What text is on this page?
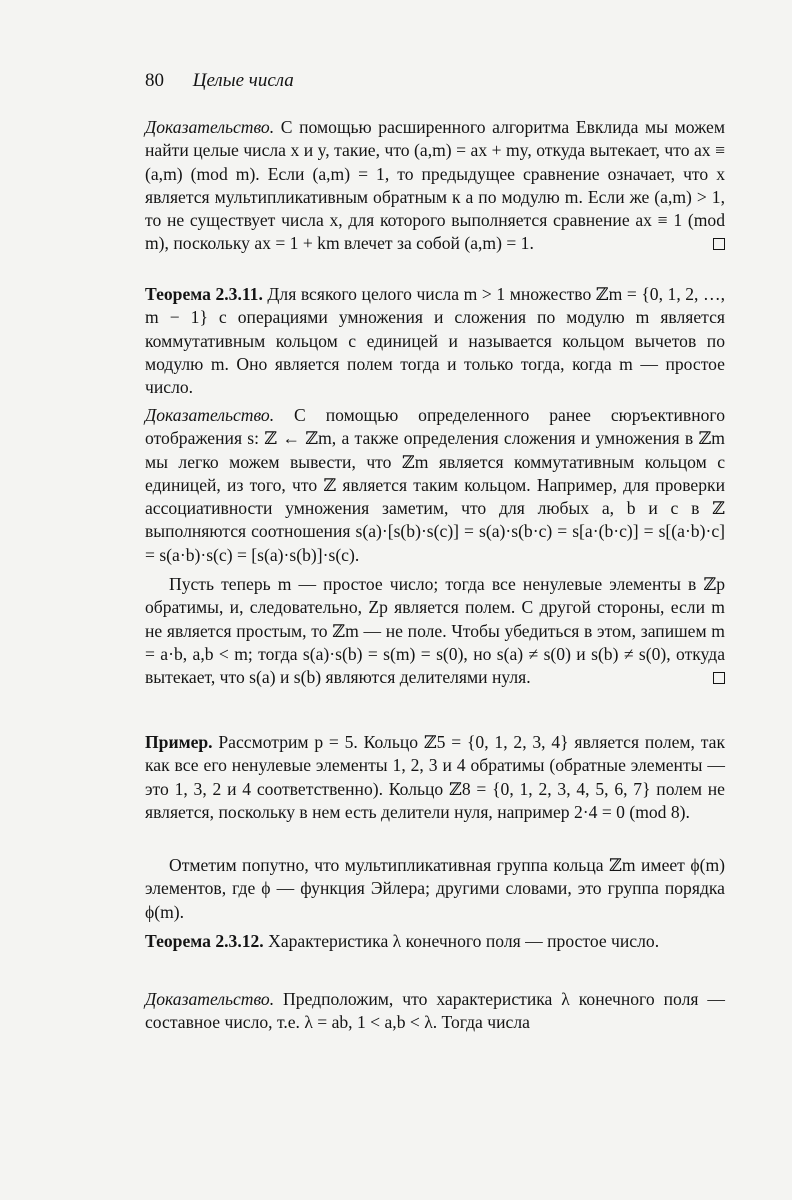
80 Целые числа

Доказательство. С помощью расширенного алгоритма Евклида мы можем найти целые числа x и y, такие, что (a,m) = ax + my, откуда вытекает, что ax ≡ (a,m) (mod m). Если (a,m) = 1, то предыдущее сравнение означает, что x является мультипликативным обратным к a по модулю m. Если же (a,m) > 1, то не существует числа x, для которого выполняется сравнение ax ≡ 1 (mod m), поскольку ax = 1 + km влечет за собой (a,m) = 1.

Теорема 2.3.11. Для всякого целого числа m > 1 множество ℤm = {0, 1, 2, …, m − 1} с операциями умножения и сложения по модулю m является коммутативным кольцом с единицей и называется кольцом вычетов по модулю m. Оно является полем тогда и только тогда, когда m — простое число.

Доказательство. С помощью определенного ранее сюръективного отображения s: ℤ ← ℤm, а также определения сложения и умножения в ℤm мы легко можем вывести, что ℤm является коммутативным кольцом с единицей, из того, что ℤ является таким кольцом. Например, для проверки ассоциативности умножения заметим, что для любых a, b и c в ℤ выполняются соотношения s(a)·[s(b)·s(c)] = s(a)·s(b·c) = s[a·(b·c)] = s[(a·b)·c] = s(a·b)·s(c) = [s(a)·s(b)]·s(c).

Пусть теперь m — простое число; тогда все ненулевые элементы в ℤp обратимы, и, следовательно, Zp является полем. С другой стороны, если m не является простым, то ℤm — не поле. Чтобы убедиться в этом, запишем m = a·b, a,b < m; тогда s(a)·s(b) = s(m) = s(0), но s(a) ≠ s(0) и s(b) ≠ s(0), откуда вытекает, что s(a) и s(b) являются делителями нуля.

Пример. Рассмотрим p = 5. Кольцо ℤ5 = {0, 1, 2, 3, 4} является полем, так как все его ненулевые элементы 1, 2, 3 и 4 обратимы (обратные элементы — это 1, 3, 2 и 4 соответственно). Кольцо ℤ8 = {0, 1, 2, 3, 4, 5, 6, 7} полем не является, поскольку в нем есть делители нуля, например 2·4 = 0 (mod 8).

Отметим попутно, что мультипликативная группа кольца ℤm имеет ϕ(m) элементов, где ϕ — функция Эйлера; другими словами, это группа порядка ϕ(m).

Теорема 2.3.12. Характеристика λ конечного поля — простое число.

Доказательство. Предположим, что характеристика λ конечного поля — составное число, т.е. λ = ab, 1 < a,b < λ. Тогда числа
